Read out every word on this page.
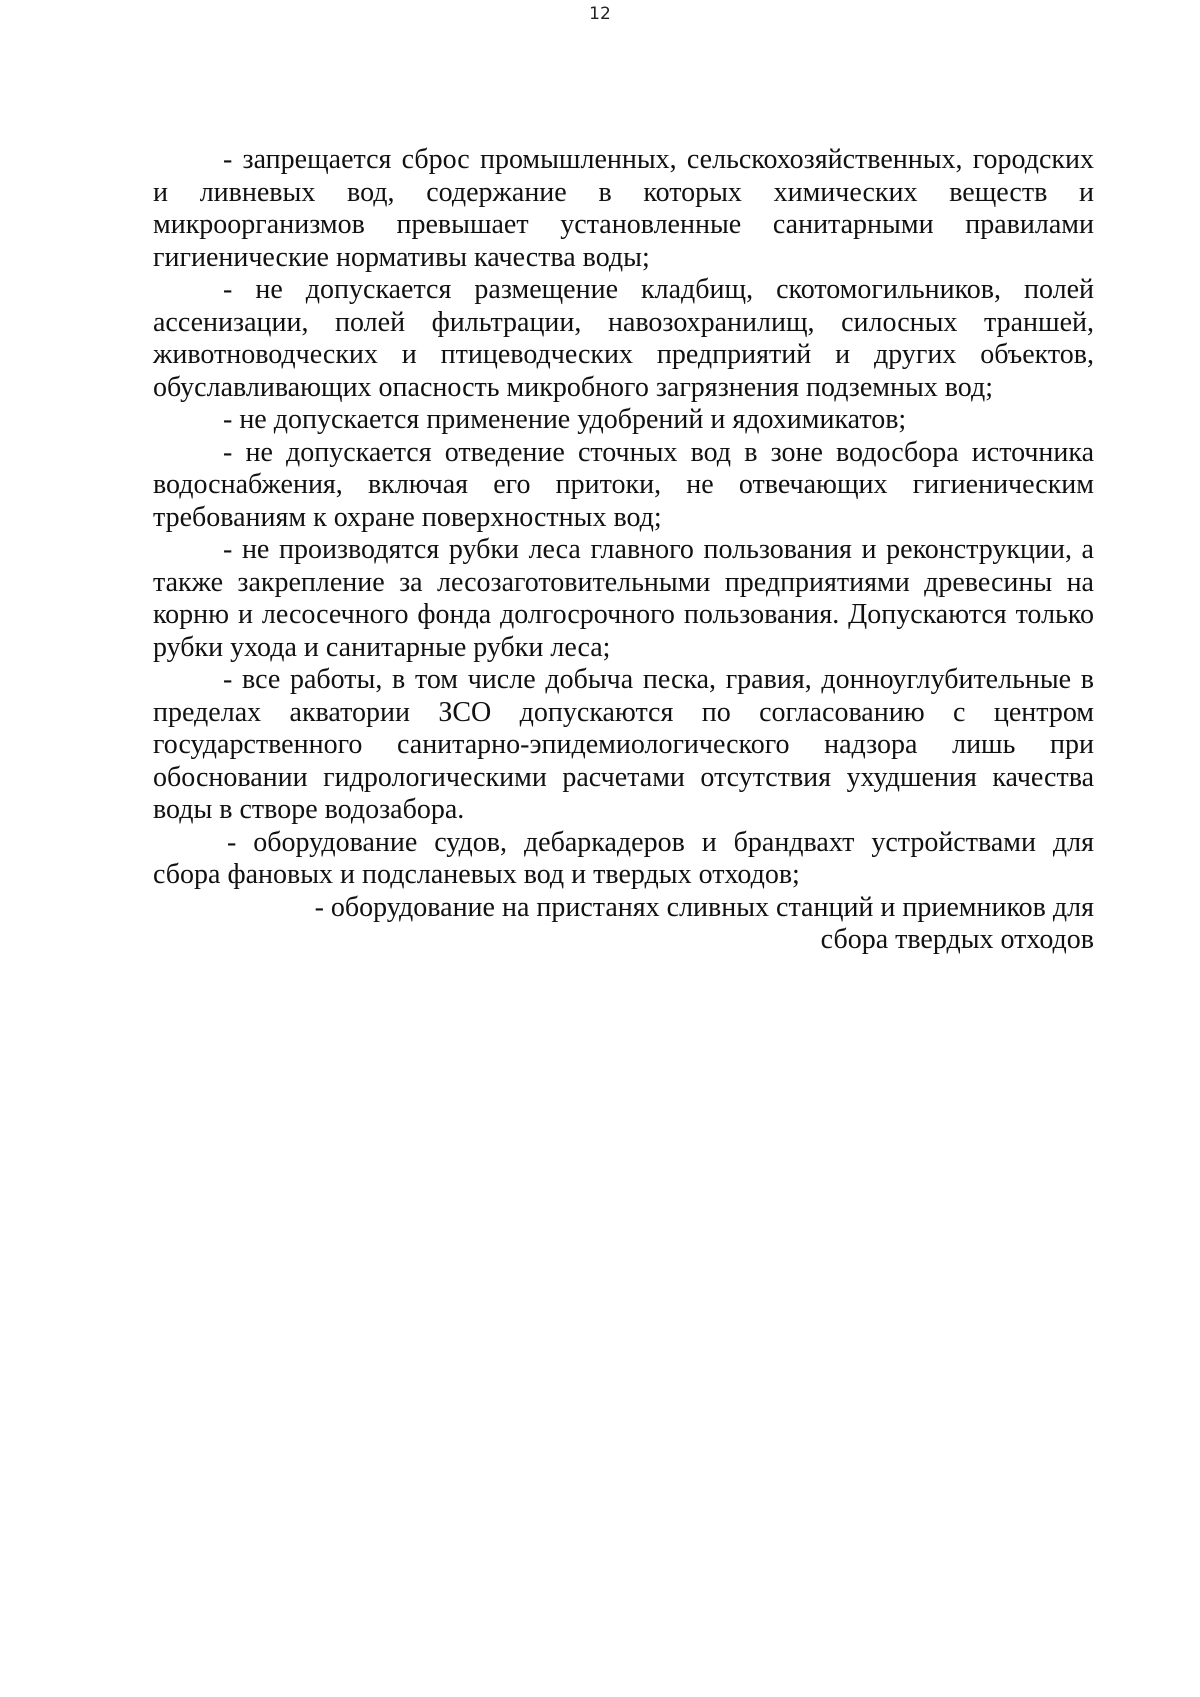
12

- запрещается сброс промышленных, сельскохозяйственных, городских и ливневых вод, содержание в которых химических веществ и микроорганизмов превышает установленные санитарными правилами гигиенические нормативы качества воды;

- не допускается размещение кладбищ, скотомогильников, полей ассенизации, полей фильтрации, навозохранилищ, силосных траншей, животноводческих и птицеводческих предприятий и других объектов, обуславливающих опасность микробного загрязнения подземных вод;

- не допускается применение удобрений и ядохимикатов;

- не допускается отведение сточных вод в зоне водосбора источника водоснабжения, включая его притоки, не отвечающих гигиеническим требованиям к охране поверхностных вод;

- не производятся рубки леса главного пользования и реконструкции, а также закрепление за лесозаготовительными предприятиями древесины на корню и лесосечного фонда долгосрочного пользования. Допускаются только рубки ухода и санитарные рубки леса;

- все работы, в том числе добыча песка, гравия, донноуглубительные в пределах акватории ЗСО допускаются по согласованию с центром государственного санитарно-эпидемиологического надзора лишь при обосновании гидрологическими расчетами отсутствия ухудшения качества воды в створе водозабора.

- оборудование судов, дебаркадеров и брандвахт устройствами для сбора фановых и подсланевых вод и твердых отходов;

- оборудование на пристанях сливных станций и приемников для
сбора твердых отходов
